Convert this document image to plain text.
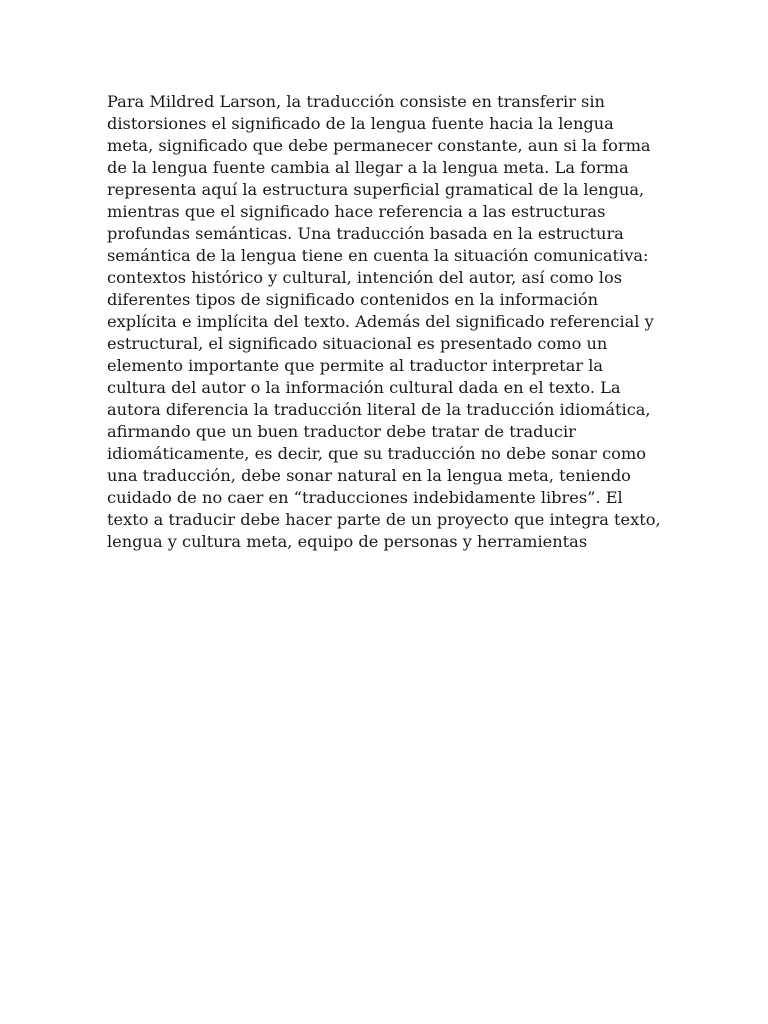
Para Mildred Larson, la traducción consiste en transferir sin
distorsiones el significado de la lengua fuente hacia la lengua
meta, significado que debe permanecer constante, aun si la forma
de la lengua fuente cambia al llegar a la lengua meta. La forma
representa aquí la estructura superficial gramatical de la lengua,
mientras que el significado hace referencia a las estructuras
profundas semánticas. Una traducción basada en la estructura
semántica de la lengua tiene en cuenta la situación comunicativa:
contextos histórico y cultural, intención del autor, así como los
diferentes tipos de significado contenidos en la información
explícita e implícita del texto. Además del significado referencial y
estructural, el significado situacional es presentado como un
elemento importante que permite al traductor interpretar la
cultura del autor o la información cultural dada en el texto. La
autora diferencia la traducción literal de la traducción idiomática,
afirmando que un buen traductor debe tratar de traducir
idiomáticamente, es decir, que su traducción no debe sonar como
una traducción, debe sonar natural en la lengua meta, teniendo
cuidado de no caer en “traducciones indebidamente libres”. El
texto a traducir debe hacer parte de un proyecto que integra texto,
lengua y cultura meta, equipo de personas y herramientas
